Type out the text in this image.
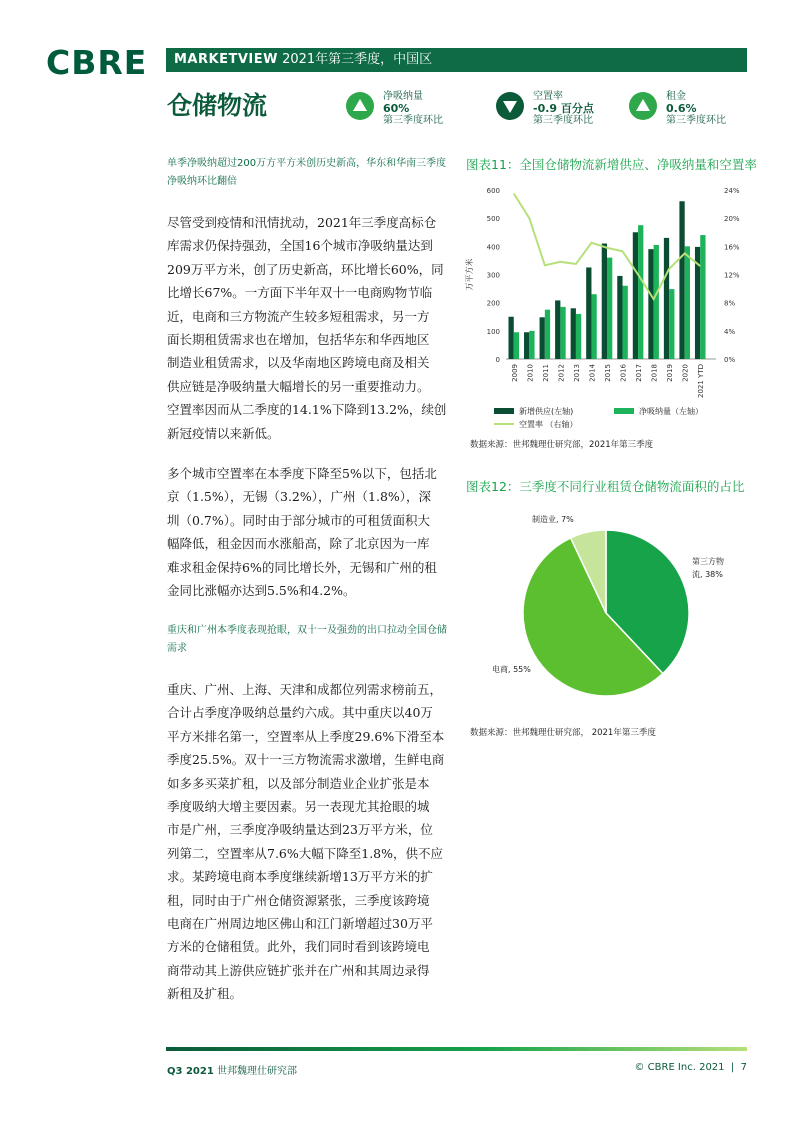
CBRE	MARKETVIEW 2021年第三季度，中国区
仓储物流	净吸纳量
60%
第三季度环比
空置率
-0.9 百分点
第三季度环比
租金
0.6%
第三季度环比
单季净吸纳超过200万方平方米创历史新高，华东和华南三季度净吸纳环比翻倍
尽管受到疫情和汛情扰动，2021年三季度高标仓
库需求仍保持强劲，全国16个城市净吸纳量达到
209万平方米，创了历史新高，环比增长60%，同
比增长67%。一方面下半年双十一电商购物节临
近，电商和三方物流产生较多短租需求，另一方
面长期租赁需求也在增加，包括华东和华西地区
制造业租赁需求，以及华南地区跨境电商及相关
供应链是净吸纳量大幅增长的另一重要推动力。
空置率因而从二季度的14.1%下降到13.2%，续创
新冠疫情以来新低。
多个城市空置率在本季度下降至5%以下，包括北
京（1.5%），无锡（3.2%），广州（1.8%），深
圳（0.7%）。同时由于部分城市的可租赁面积大
幅降低，租金因而水涨船高，除了北京因为一库
难求租金保持6%的同比增长外，无锡和广州的租
金同比涨幅亦达到5.5%和4.2%。
重庆和广州本季度表现抢眼，双十一及强劲的出口拉动全国仓储需求
重庆、广州、上海、天津和成都位列需求榜前五，
合计占季度净吸纳总量约六成。其中重庆以40万
平方米排名第一，空置率从上季度29.6%下滑至本
季度25.5%。双十一三方物流需求激增，生鲜电商
如多多买菜扩租，以及部分制造业企业扩张是本
季度吸纳大增主要因素。另一表现尤其抢眼的城
市是广州，三季度净吸纳量达到23万平方米，位
列第二，空置率从7.6%大幅下降至1.8%，供不应
求。某跨境电商本季度继续新增13万平方米的扩
租，同时由于广州仓储资源紧张，三季度该跨境
电商在广州周边地区佛山和江门新增超过30万平
方米的仓储租赁。此外，我们同时看到该跨境电
商带动其上游供应链扩张并在广州和其周边录得
新租及扩租。
图表11：全国仓储物流新增供应、净吸纳量和空置率
0
100
200
300
400
500
600
0%
4%
8%
12%
16%
20%
24%
万平方米
2009 2010 2011 2012 2013 2014 2015 2016 2017 2018 2019 2020 2021 YTD
新增供应(左轴)	净吸纳量（左轴）
空置率 （右轴）
数据来源：世邦魏理仕研究部，2021年第三季度
图表12：三季度不同行业租赁仓储物流面积的占比
第三方物流, 38%
电商, 55%
制造业, 7%
数据来源：世邦魏理仕研究部， 2021年第三季度
Q3 2021 世邦魏理仕研究部	© CBRE Inc. 2021 | 7
